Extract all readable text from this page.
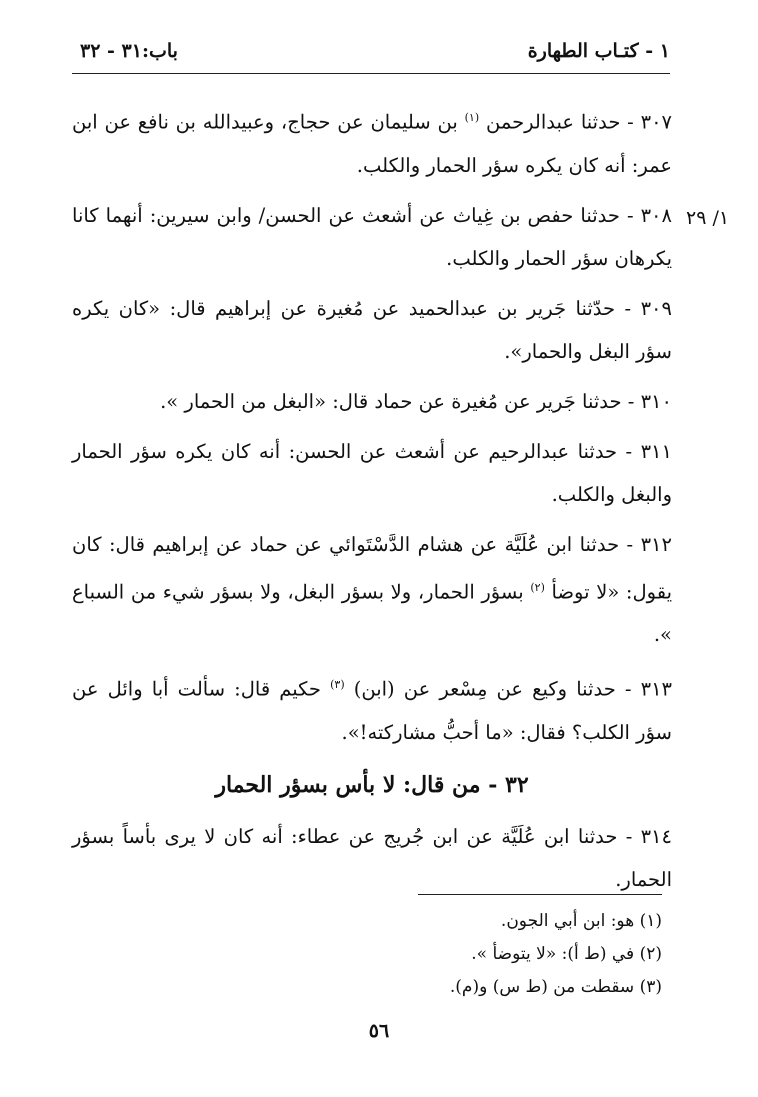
١ - كتـاب الطهارة
باب:٣١ - ٣٢
١/ ٢٩

٣٠٧ - حدثنا عبدالرحمن $^{(١)}$ بن سليمان عن حجاج، وعبيدالله بن نافع عن ابن عمر: أنه كان يكره سؤر الحمار والكلب.

٣٠٨ - حدثنا حفص بن غِياث عن أشعث عن الحسن/ وابن سيرين: أنهما كانا يكرهان سؤر الحمار والكلب.

٣٠٩ - حدّثنا جَرير بن عبدالحميد عن مُغيرة عن إبراهيم قال: «كان يكره سؤر البغل والحمار».

٣١٠ - حدثنا جَرير عن مُغيرة عن حماد قال: «البغل من الحمار ».

٣١١ - حدثنا عبدالرحيم عن أشعث عن الحسن: أنه كان يكره سؤر الحمار والبغل والكلب.

٣١٢ - حدثنا ابن عُلَيَّة عن هشام الدَّسْتَوائي عن حماد عن إبراهيم قال: كان يقول: «لا توضأ $^{(٢)}$ بسؤر الحمار، ولا بسؤر البغل، ولا بسؤر شيء من السباع ».

٣١٣ - حدثنا وكيع عن مِسْعر عن (ابن) $^{(٣)}$ حكيم قال: سألت أبا وائل عن سؤر الكلب؟ فقال: «ما أحبُّ مشاركته!».

٣٢ - من قال: لا بأس بسؤر الحمار

٣١٤ - حدثنا ابن عُلَيَّة عن ابن جُريج عن عطاء: أنه كان لا يرى بأساً بسؤر الحمار.

(١) هو: ابن أبي الجون.
(٢) في (ط أ): «لا يتوضأ ».
(٣) سقطت من (ط س) و(م).
٥٦
